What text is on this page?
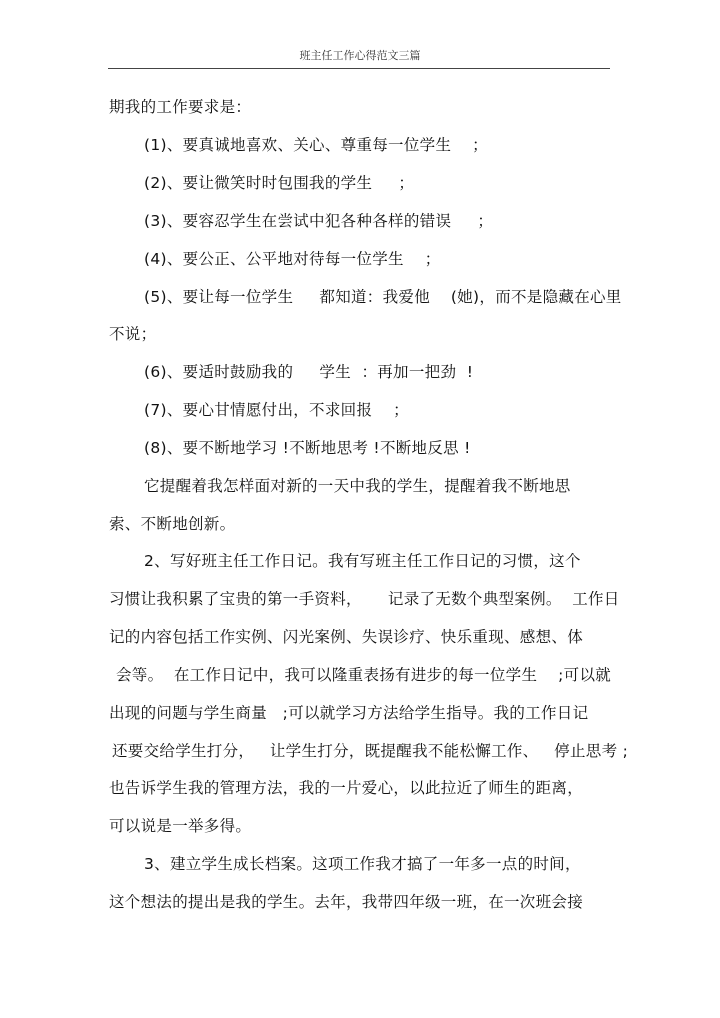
班主任工作心得范文三篇
期我的工作要求是：
(1)、要真诚地喜欢、关心、尊重每一位学生    ；
(2)、要让微笑时时包围我的学生     ；
(3)、要容忍学生在尝试中犯各种各样的错误     ；
(4)、要公正、公平地对待每一位学生    ；
(5)、要让每一位学生     都知道：我爱他    (她)，而不是隐藏在心里
不说；
(6)、要适时鼓励我的     学生  ：再加一把劲  !
(7)、要心甘情愿付出，不求回报    ；
(8)、要不断地学习 !不断地思考 !不断地反思 !
它提醒着我怎样面对新的一天中我的学生，提醒着我不断地思
索、不断地创新。
2、写好班主任工作日记。我有写班主任工作日记的习惯，这个
习惯让我积累了宝贵的第一手资料，     记录了无数个典型案例。  工作日
记的内容包括工作实例、闪光案例、失误诊疗、快乐重现、感想、体
会等。  在工作日记中，我可以隆重表扬有进步的每一位学生    ;可以就
出现的问题与学生商量   ;可以就学习方法给学生指导。我的工作日记
还要交给学生打分，   让学生打分，既提醒我不能松懈工作、   停止思考 ;
也告诉学生我的管理方法，我的一片爱心，以此拉近了师生的距离，
可以说是一举多得。
3、建立学生成长档案。这项工作我才搞了一年多一点的时间，
这个想法的提出是我的学生。去年，我带四年级一班，在一次班会接
